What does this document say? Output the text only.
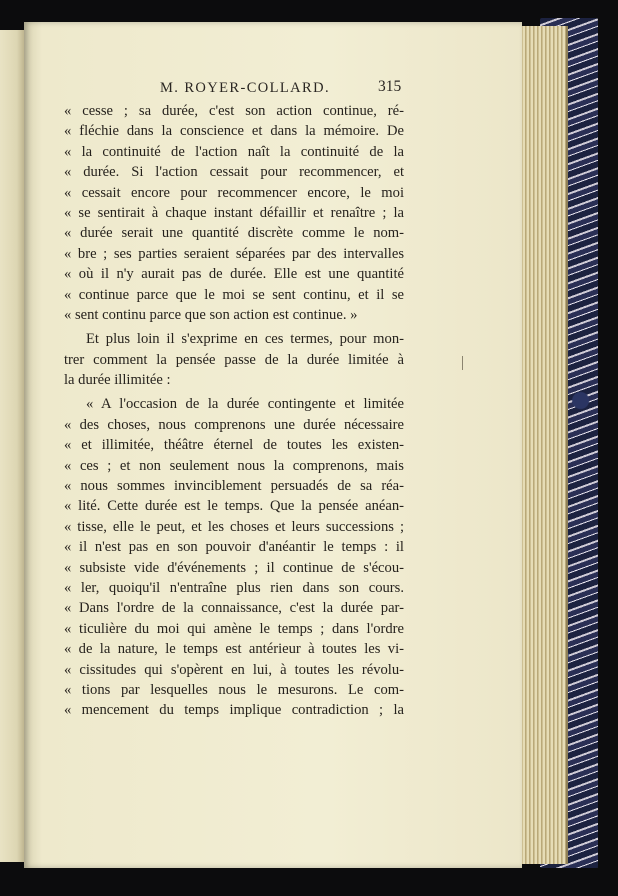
M. ROYER-COLLARD.	315
« cesse ; sa durée, c'est son action continue, ré-
« fléchie dans la conscience et dans la mémoire. De
« la continuité de l'action naît la continuité de la
« durée. Si l'action cessait pour recommencer, et
« cessait encore pour recommencer encore, le moi
« se sentirait à chaque instant défaillir et renaître ; la
« durée serait une quantité discrète comme le nom-
« bre ; ses parties seraient séparées par des intervalles
« où il n'y aurait pas de durée. Elle est une quantité
« continue parce que le moi se sent continu, et il se
« sent continu parce que son action est continue. »
Et plus loin il s'exprime en ces termes, pour mon-
trer comment la pensée passe de la durée limitée à
la durée illimitée :
« A l'occasion de la durée contingente et limitée
« des choses, nous comprenons une durée nécessaire
« et illimitée, théâtre éternel de toutes les existen-
« ces ; et non seulement nous la comprenons, mais
« nous sommes invinciblement persuadés de sa réa-
« lité. Cette durée est le temps. Que la pensée anéan-
« tisse, elle le peut, et les choses et leurs successions ;
« il n'est pas en son pouvoir d'anéantir le temps : il
« subsiste vide d'événements ; il continue de s'écou-
« ler, quoiqu'il n'entraîne plus rien dans son cours.
« Dans l'ordre de la connaissance, c'est la durée par-
« ticulière du moi qui amène le temps ; dans l'ordre
« de la nature, le temps est antérieur à toutes les vi-
« cissitudes qui s'opèrent en lui, à toutes les révolu-
« tions par lesquelles nous le mesurons. Le com-
« mencement du temps implique contradiction ; la
